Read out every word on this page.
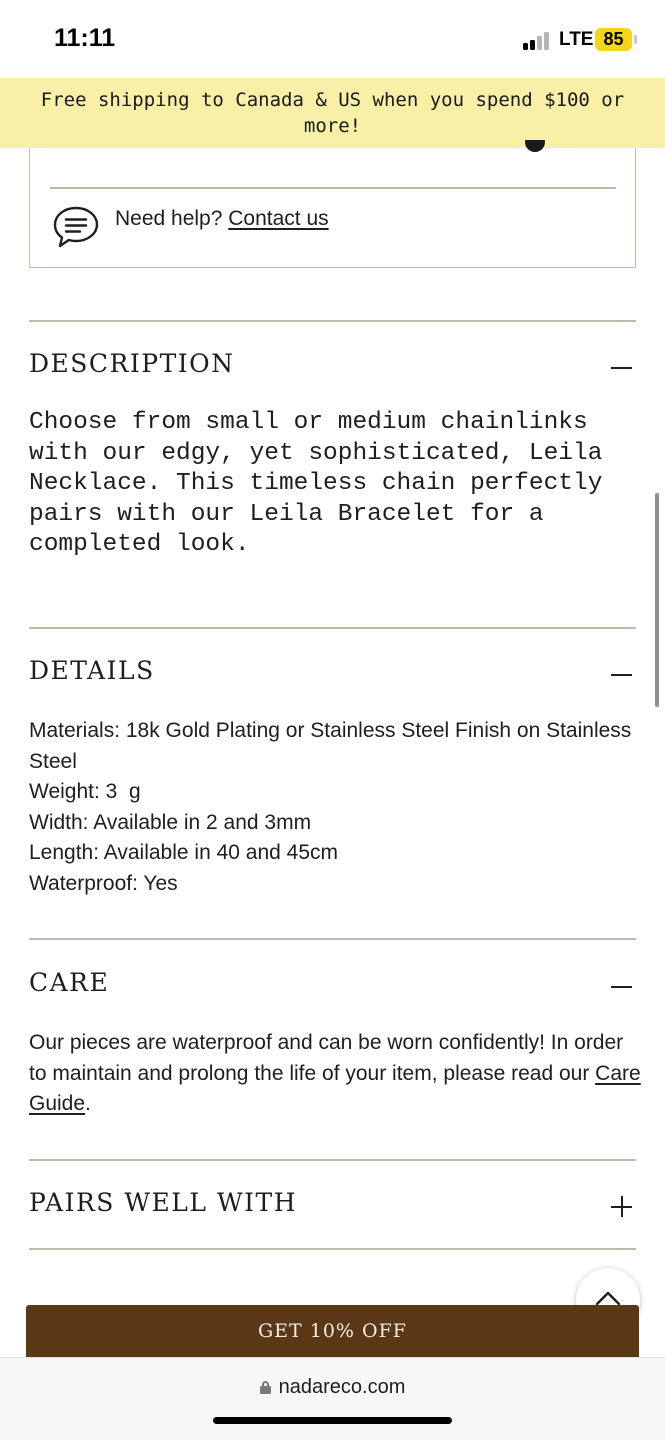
11:11	LTE 85
Free shipping to Canada & US when you spend $100 or more!
Need help? Contact us
DESCRIPTION
Choose from small or medium chainlinks with our edgy, yet sophisticated, Leila Necklace. This timeless chain perfectly pairs with our Leila Bracelet for a completed look.
DETAILS
Materials: 18k Gold Plating or Stainless Steel Finish on Stainless Steel
Weight: 3  g
Width: Available in 2 and 3mm
Length: Available in 40 and 45cm
Waterproof: Yes
CARE
Our pieces are waterproof and can be worn confidently! In order to maintain and prolong the life of your item, please read our Care Guide.
PAIRS WELL WITH
GET 10% OFF
nadareco.com
